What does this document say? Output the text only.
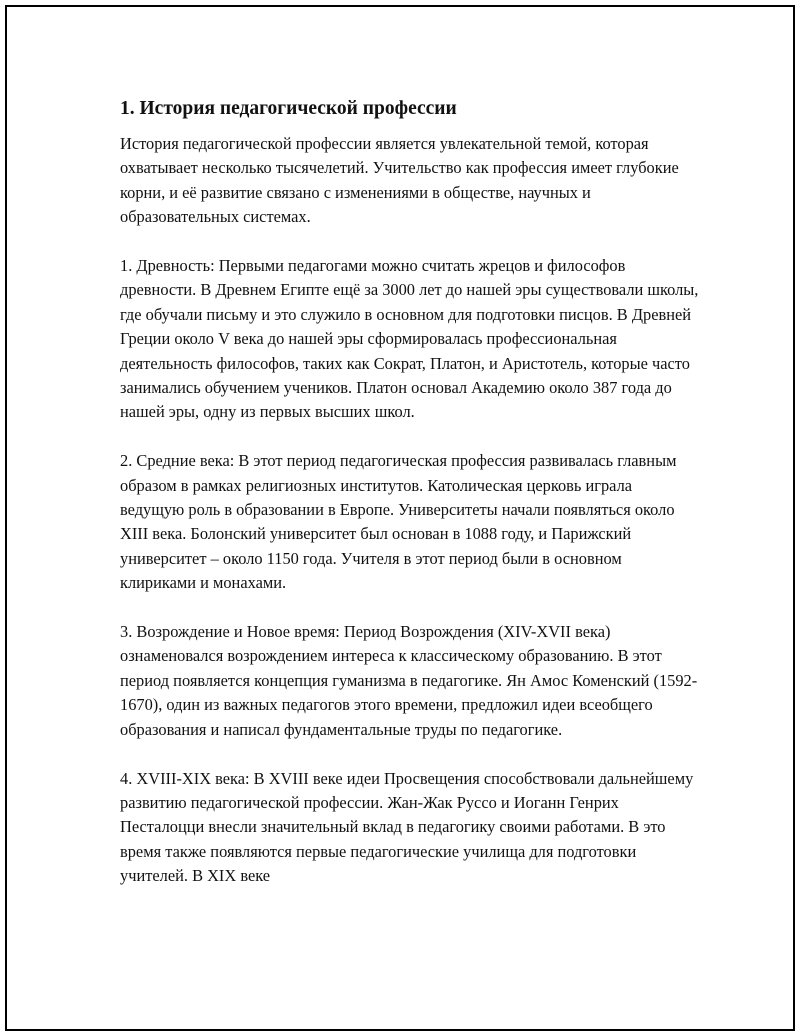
1. История педагогической профессии

История педагогической профессии является увлекательной темой, которая охватывает несколько тысячелетий. Учительство как профессия имеет глубокие корни, и её развитие связано с изменениями в обществе, научных и образовательных системах.

1. Древность: Первыми педагогами можно считать жрецов и философов древности. В Древнем Египте ещё за 3000 лет до нашей эры существовали школы, где обучали письму и это служило в основном для подготовки писцов. В Древней Греции около V века до нашей эры сформировалась профессиональная деятельность философов, таких как Сократ, Платон, и Аристотель, которые часто занимались обучением учеников. Платон основал Академию около 387 года до нашей эры, одну из первых высших школ.

2. Средние века: В этот период педагогическая профессия развивалась главным образом в рамках религиозных институтов. Католическая церковь играла ведущую роль в образовании в Европе. Университеты начали появляться около XIII века. Болонский университет был основан в 1088 году, и Парижский университет – около 1150 года. Учителя в этот период были в основном клириками и монахами.

3. Возрождение и Новое время: Период Возрождения (XIV-XVII века) ознаменовался возрождением интереса к классическому образованию. В этот период появляется концепция гуманизма в педагогике. Ян Амос Коменский (1592-1670), один из важных педагогов этого времени, предложил идеи всеобщего образования и написал фундаментальные труды по педагогике.

4. XVIII-XIX века: В XVIII веке идеи Просвещения способствовали дальнейшему развитию педагогической профессии. Жан-Жак Руссо и Иоганн Генрих Песталоцци внесли значительный вклад в педагогику своими работами. В это время также появляются первые педагогические училища для подготовки учителей. В XIX веке
